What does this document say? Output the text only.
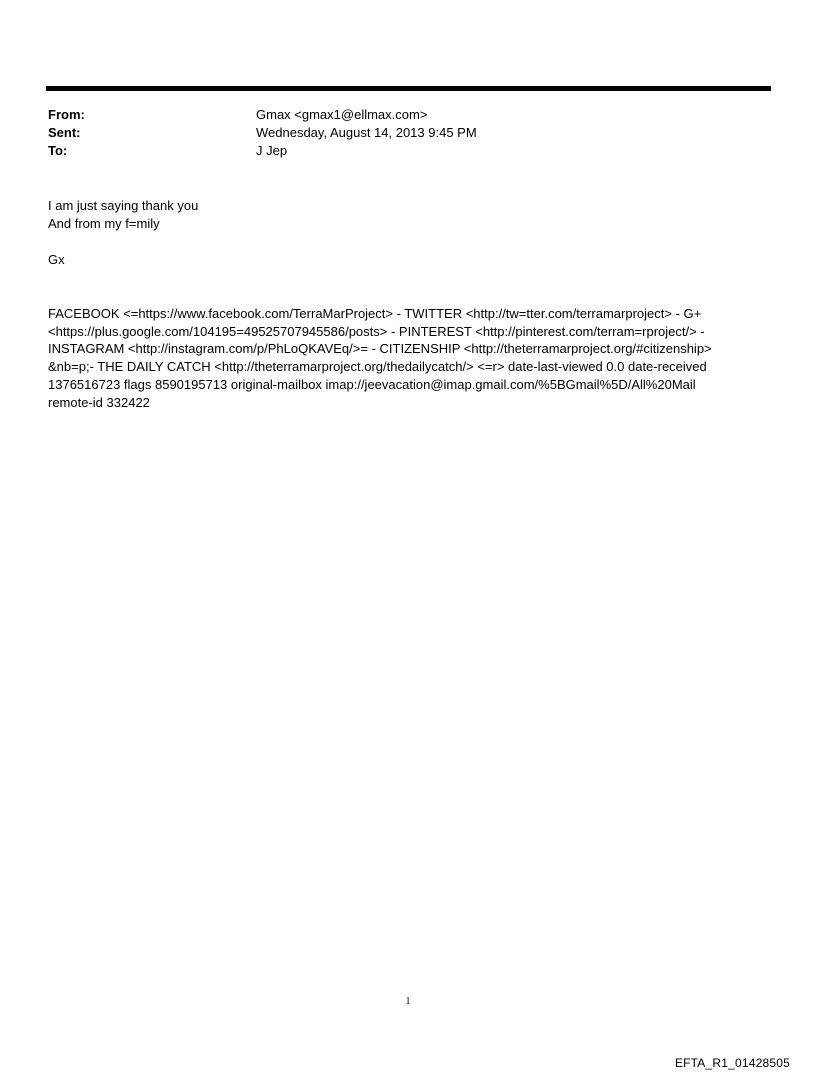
From:	Gmax <gmax1@ellmax.com>
Sent:	Wednesday, August 14, 2013 9:45 PM
To:	J Jep
I am just saying thank you
And from my f=mily
Gx
FACEBOOK <=https://www.facebook.com/TerraMarProject> - TWITTER <http://tw=tter.com/terramarproject> - G+
<https://plus.google.com/104195=49525707945586/posts> - PINTEREST <http://pinterest.com/terram=rproject/> -
INSTAGRAM <http://instagram.com/p/PhLoQKAVEq/>= - CITIZENSHIP <http://theterramarproject.org/#citizenship>
&nb=p;- THE DAILY CATCH <http://theterramarproject.org/thedailycatch/> <=r> date-last-viewed 0.0 date-received
1376516723 flags 8590195713 original-mailbox imap://jeevacation@imap.gmail.com/%5BGmail%5D/All%20Mail
remote-id 332422
1
EFTA_R1_01428505
